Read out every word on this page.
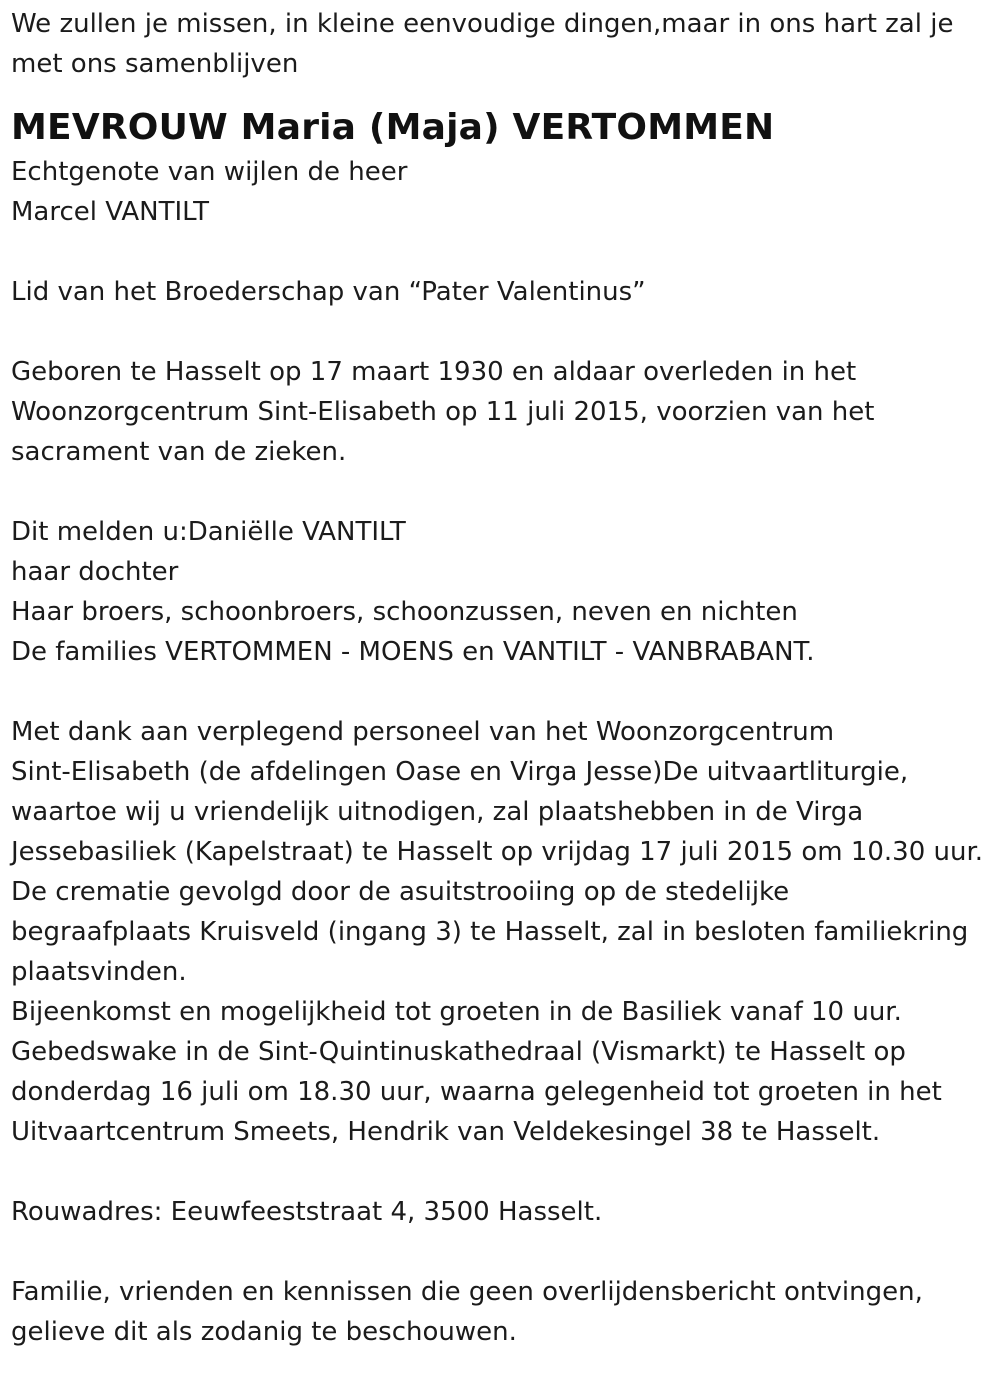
We zullen je missen, in kleine eenvoudige dingen,maar in ons hart zal je
met ons samenblijven
MEVROUW Maria (Maja) VERTOMMEN
Echtgenote van wijlen de heer
Marcel VANTILT
Lid van het Broederschap van “Pater Valentinus”
Geboren te Hasselt op 17 maart 1930 en aldaar overleden in het
Woonzorgcentrum Sint-Elisabeth op 11 juli 2015, voorzien van het
sacrament van de zieken.
Dit melden u:Daniëlle VANTILT
haar dochter
Haar broers, schoonbroers, schoonzussen, neven en nichten
De families VERTOMMEN - MOENS en VANTILT - VANBRABANT.
Met dank aan verplegend personeel van het Woonzorgcentrum
Sint-Elisabeth (de afdelingen Oase en Virga Jesse)De uitvaartliturgie,
waartoe wij u vriendelijk uitnodigen, zal plaatshebben in de Virga
Jessebasiliek (Kapelstraat) te Hasselt op vrijdag 17 juli 2015 om 10.30 uur.
De crematie gevolgd door de asuitstrooiing op de stedelijke
begraafplaats Kruisveld (ingang 3) te Hasselt, zal in besloten familiekring
plaatsvinden.
Bijeenkomst en mogelijkheid tot groeten in de Basiliek vanaf 10 uur.
Gebedswake in de Sint-Quintinuskathedraal (Vismarkt) te Hasselt op
donderdag 16 juli om 18.30 uur, waarna gelegenheid tot groeten in het
Uitvaartcentrum Smeets, Hendrik van Veldekesingel 38 te Hasselt.
Rouwadres: Eeuwfeeststraat 4, 3500 Hasselt.
Familie, vrienden en kennissen die geen overlijdensbericht ontvingen,
gelieve dit als zodanig te beschouwen.
